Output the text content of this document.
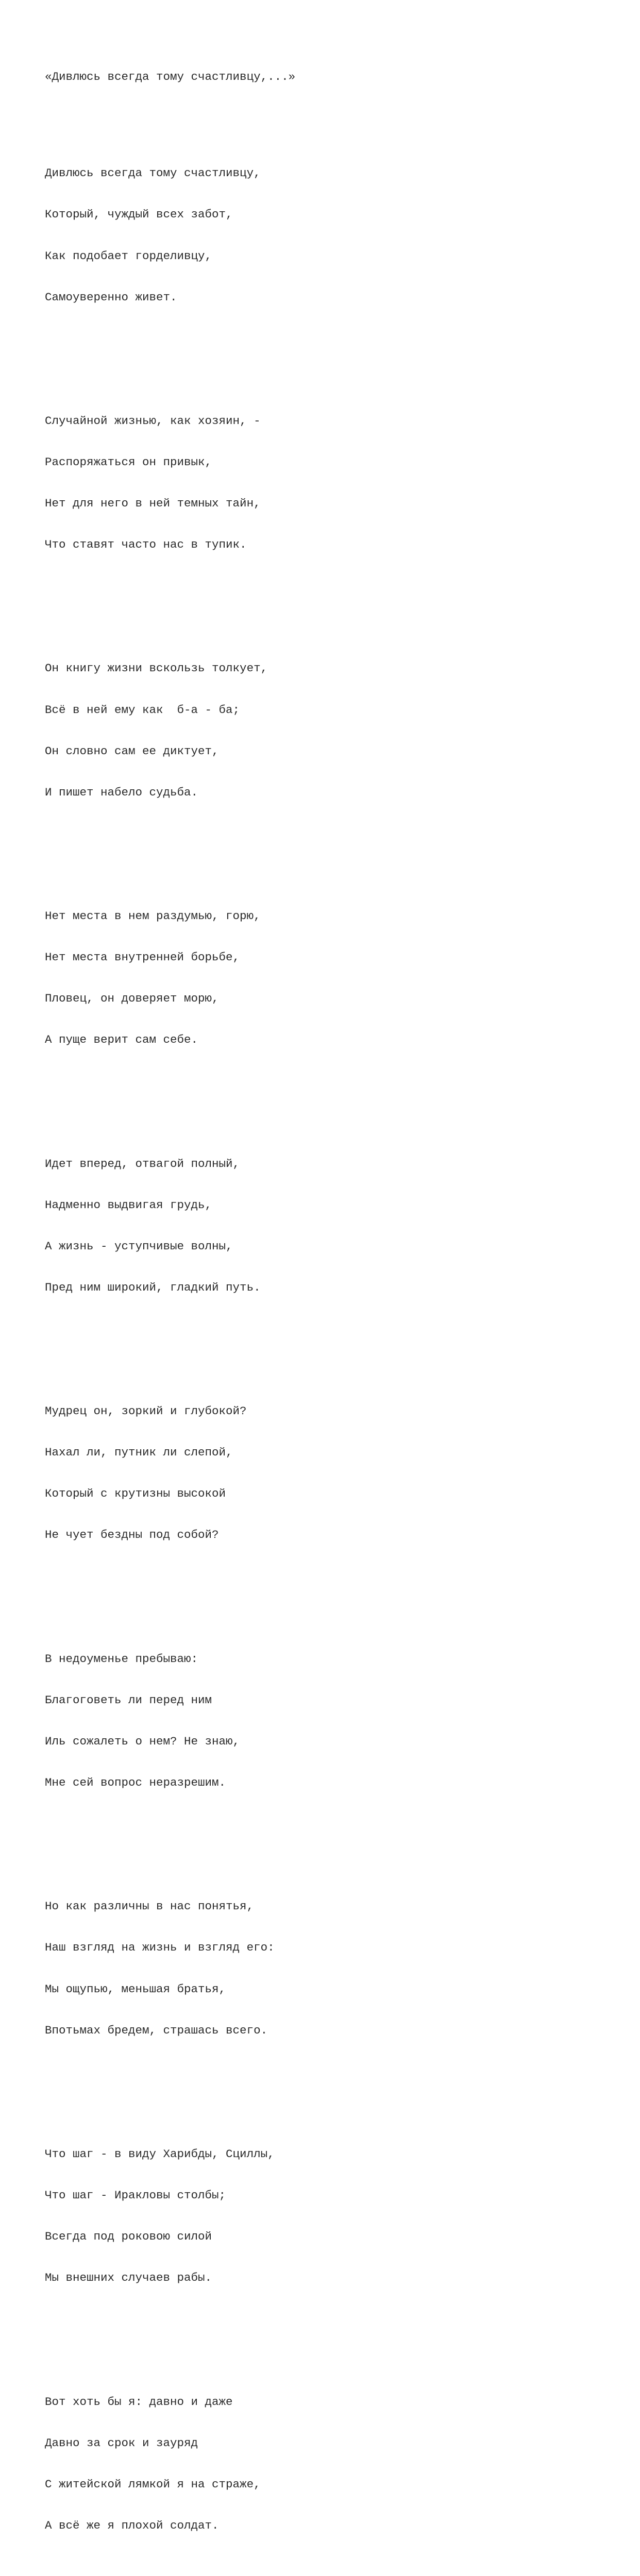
«Дивлюсь всегда тому счастливцу,...»

Дивлюсь всегда тому счастливцу,

Который, чуждый всех забот,

Как подобает горделивцу,

Самоуверенно живет.

Случайной жизнью, как хозяин, -

Распоряжаться он привык,

Нет для него в ней темных тайн,

Что ставят часто нас в тупик.

Он книгу жизни вскользь толкует,

Всё в ней ему как  б-а - ба;

Он словно сам ее диктует,

И пишет набело судьба.

Нет места в нем раздумью, горю,

Нет места внутренней борьбе,

Пловец, он доверяет морю,

А пуще верит сам себе.

Идет вперед, отвагой полный,

Надменно выдвигая грудь,

А жизнь - уступчивые волны,

Пред ним широкий, гладкий путь.

Мудрец он, зоркий и глубокой?

Нахал ли, путник ли слепой,

Который с крутизны высокой

Не чует бездны под собой?

В недоуменье пребываю:

Благоговеть ли перед ним

Иль сожалеть о нем? Не знаю,

Мне сей вопрос неразрешим.

Но как различны в нас понятья,

Наш взгляд на жизнь и взгляд его:

Мы ощупью, меньшая братья,

Впотьмах бредем, страшась всего.

Что шаг - в виду Харибды, Сциллы,

Что шаг - Иракловы столбы;

Всегда под роковою силой

Мы внешних случаев рабы.

Вот хоть бы я: давно и даже

Давно за срок и зауряд

С житейской лямкой я на страже,

А всё же я плохой солдат.
